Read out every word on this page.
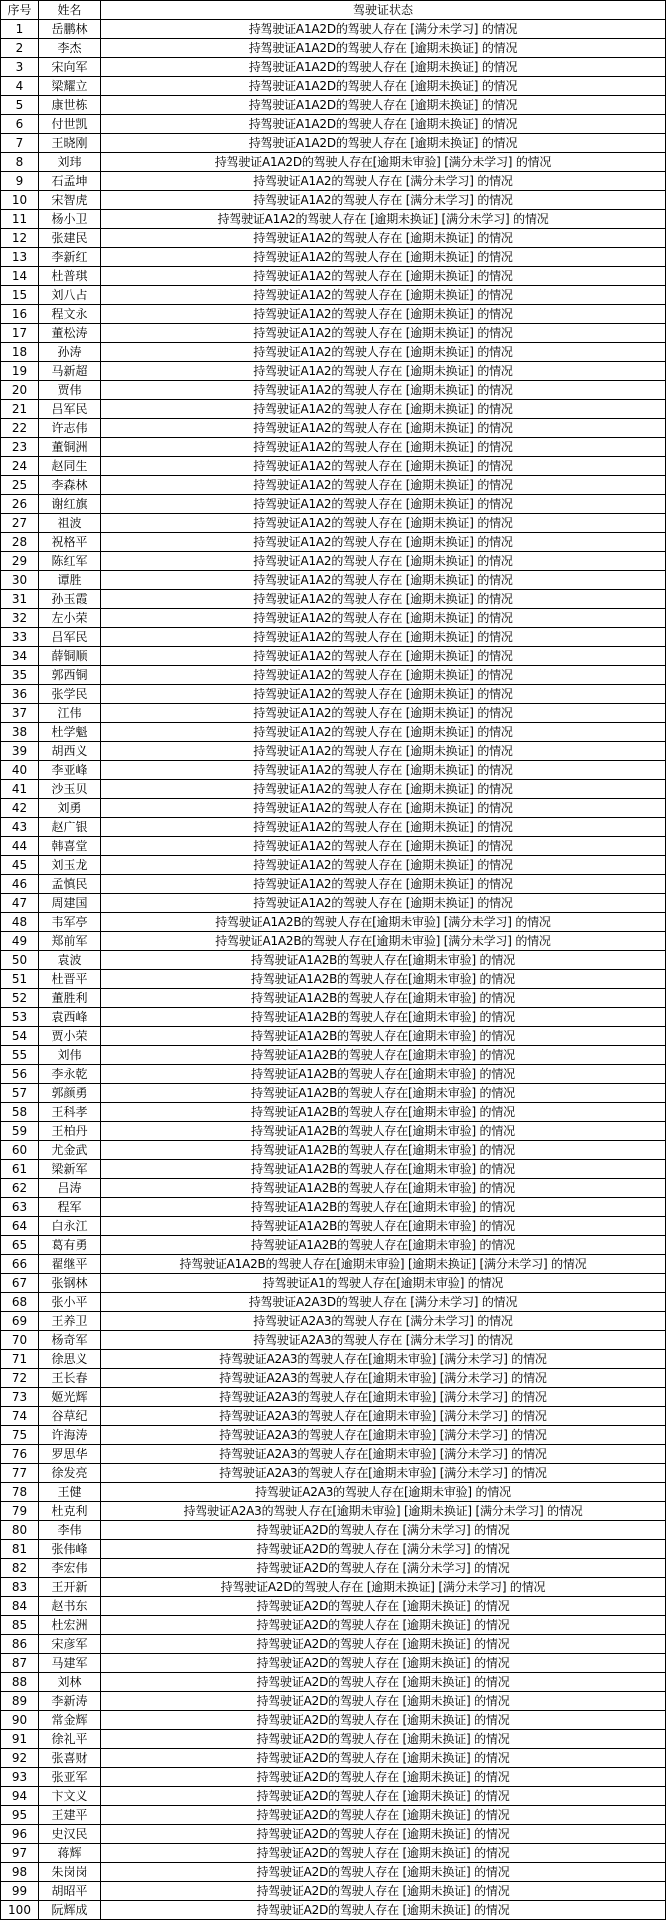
序号	姓名	驾驶证状态
1	岳鹏林	持驾驶证A1A2D的驾驶人存在 [满分未学习] 的情况
2	李杰	持驾驶证A1A2D的驾驶人存在 [逾期未换证] 的情况
3	宋向军	持驾驶证A1A2D的驾驶人存在 [逾期未换证] 的情况
4	梁耀立	持驾驶证A1A2D的驾驶人存在 [逾期未换证] 的情况
5	康世栋	持驾驶证A1A2D的驾驶人存在 [逾期未换证] 的情况
6	付世凯	持驾驶证A1A2D的驾驶人存在 [逾期未换证] 的情况
7	王晓刚	持驾驶证A1A2D的驾驶人存在 [逾期未换证] 的情况
8	刘玮	持驾驶证A1A2D的驾驶人存在[逾期未审验] [满分未学习] 的情况
9	石孟坤	持驾驶证A1A2的驾驶人存在 [满分未学习] 的情况
10	宋智虎	持驾驶证A1A2的驾驶人存在 [满分未学习] 的情况
11	杨小卫	持驾驶证A1A2的驾驶人存在 [逾期未换证] [满分未学习] 的情况
12	张建民	持驾驶证A1A2的驾驶人存在 [逾期未换证] 的情况
13	李新红	持驾驶证A1A2的驾驶人存在 [逾期未换证] 的情况
14	杜普琪	持驾驶证A1A2的驾驶人存在 [逾期未换证] 的情况
15	刘八占	持驾驶证A1A2的驾驶人存在 [逾期未换证] 的情况
16	程文永	持驾驶证A1A2的驾驶人存在 [逾期未换证] 的情况
17	董松涛	持驾驶证A1A2的驾驶人存在 [逾期未换证] 的情况
18	孙涛	持驾驶证A1A2的驾驶人存在 [逾期未换证] 的情况
19	马新超	持驾驶证A1A2的驾驶人存在 [逾期未换证] 的情况
20	贾伟	持驾驶证A1A2的驾驶人存在 [逾期未换证] 的情况
21	吕军民	持驾驶证A1A2的驾驶人存在 [逾期未换证] 的情况
22	许志伟	持驾驶证A1A2的驾驶人存在 [逾期未换证] 的情况
23	董铜洲	持驾驶证A1A2的驾驶人存在 [逾期未换证] 的情况
24	赵同生	持驾驶证A1A2的驾驶人存在 [逾期未换证] 的情况
25	李森林	持驾驶证A1A2的驾驶人存在 [逾期未换证] 的情况
26	谢红旗	持驾驶证A1A2的驾驶人存在 [逾期未换证] 的情况
27	祖波	持驾驶证A1A2的驾驶人存在 [逾期未换证] 的情况
28	祝格平	持驾驶证A1A2的驾驶人存在 [逾期未换证] 的情况
29	陈红军	持驾驶证A1A2的驾驶人存在 [逾期未换证] 的情况
30	谭胜	持驾驶证A1A2的驾驶人存在 [逾期未换证] 的情况
31	孙玉霞	持驾驶证A1A2的驾驶人存在 [逾期未换证] 的情况
32	左小荣	持驾驶证A1A2的驾驶人存在 [逾期未换证] 的情况
33	吕军民	持驾驶证A1A2的驾驶人存在 [逾期未换证] 的情况
34	薛铜顺	持驾驶证A1A2的驾驶人存在 [逾期未换证] 的情况
35	郭西铜	持驾驶证A1A2的驾驶人存在 [逾期未换证] 的情况
36	张学民	持驾驶证A1A2的驾驶人存在 [逾期未换证] 的情况
37	江伟	持驾驶证A1A2的驾驶人存在 [逾期未换证] 的情况
38	杜学魁	持驾驶证A1A2的驾驶人存在 [逾期未换证] 的情况
39	胡西义	持驾驶证A1A2的驾驶人存在 [逾期未换证] 的情况
40	李亚峰	持驾驶证A1A2的驾驶人存在 [逾期未换证] 的情况
41	沙玉贝	持驾驶证A1A2的驾驶人存在 [逾期未换证] 的情况
42	刘勇	持驾驶证A1A2的驾驶人存在 [逾期未换证] 的情况
43	赵广银	持驾驶证A1A2的驾驶人存在 [逾期未换证] 的情况
44	韩喜堂	持驾驶证A1A2的驾驶人存在 [逾期未换证] 的情况
45	刘玉龙	持驾驶证A1A2的驾驶人存在 [逾期未换证] 的情况
46	孟慎民	持驾驶证A1A2的驾驶人存在 [逾期未换证] 的情况
47	周建国	持驾驶证A1A2的驾驶人存在 [逾期未换证] 的情况
48	韦军亭	持驾驶证A1A2B的驾驶人存在[逾期未审验] [满分未学习] 的情况
49	郑前军	持驾驶证A1A2B的驾驶人存在[逾期未审验] [满分未学习] 的情况
50	袁波	持驾驶证A1A2B的驾驶人存在[逾期未审验] 的情况
51	杜晋平	持驾驶证A1A2B的驾驶人存在[逾期未审验] 的情况
52	董胜利	持驾驶证A1A2B的驾驶人存在[逾期未审验] 的情况
53	袁西峰	持驾驶证A1A2B的驾驶人存在[逾期未审验] 的情况
54	贾小荣	持驾驶证A1A2B的驾驶人存在[逾期未审验] 的情况
55	刘伟	持驾驶证A1A2B的驾驶人存在[逾期未审验] 的情况
56	李永乾	持驾驶证A1A2B的驾驶人存在[逾期未审验] 的情况
57	郭颜勇	持驾驶证A1A2B的驾驶人存在[逾期未审验] 的情况
58	王科孝	持驾驶证A1A2B的驾驶人存在[逾期未审验] 的情况
59	王柏丹	持驾驶证A1A2B的驾驶人存在[逾期未审验] 的情况
60	尤金武	持驾驶证A1A2B的驾驶人存在[逾期未审验] 的情况
61	梁新军	持驾驶证A1A2B的驾驶人存在[逾期未审验] 的情况
62	吕涛	持驾驶证A1A2B的驾驶人存在[逾期未审验] 的情况
63	程军	持驾驶证A1A2B的驾驶人存在[逾期未审验] 的情况
64	白永江	持驾驶证A1A2B的驾驶人存在[逾期未审验] 的情况
65	葛有勇	持驾驶证A1A2B的驾驶人存在[逾期未审验] 的情况
66	翟继平	持驾驶证A1A2B的驾驶人存在[逾期未审验] [逾期未换证] [满分未学习] 的情况
67	张钢林	持驾驶证A1的驾驶人存在[逾期未审验] 的情况
68	张小平	持驾驶证A2A3D的驾驶人存在 [满分未学习] 的情况
69	王养卫	持驾驶证A2A3的驾驶人存在 [满分未学习] 的情况
70	杨奇军	持驾驶证A2A3的驾驶人存在 [满分未学习] 的情况
71	徐思义	持驾驶证A2A3的驾驶人存在[逾期未审验] [满分未学习] 的情况
72	王长春	持驾驶证A2A3的驾驶人存在[逾期未审验] [满分未学习] 的情况
73	姬光辉	持驾驶证A2A3的驾驶人存在[逾期未审验] [满分未学习] 的情况
74	谷草纪	持驾驶证A2A3的驾驶人存在[逾期未审验] [满分未学习] 的情况
75	许海涛	持驾驶证A2A3的驾驶人存在[逾期未审验] [满分未学习] 的情况
76	罗思华	持驾驶证A2A3的驾驶人存在[逾期未审验] [满分未学习] 的情况
77	徐发亮	持驾驶证A2A3的驾驶人存在[逾期未审验] [满分未学习] 的情况
78	王健	持驾驶证A2A3的驾驶人存在[逾期未审验] 的情况
79	杜克利	持驾驶证A2A3的驾驶人存在[逾期未审验] [逾期未换证] [满分未学习] 的情况
80	李伟	持驾驶证A2D的驾驶人存在 [满分未学习] 的情况
81	张伟峰	持驾驶证A2D的驾驶人存在 [满分未学习] 的情况
82	李宏伟	持驾驶证A2D的驾驶人存在 [满分未学习] 的情况
83	王开新	持驾驶证A2D的驾驶人存在 [逾期未换证] [满分未学习] 的情况
84	赵书东	持驾驶证A2D的驾驶人存在 [逾期未换证] 的情况
85	杜宏洲	持驾驶证A2D的驾驶人存在 [逾期未换证] 的情况
86	宋彦军	持驾驶证A2D的驾驶人存在 [逾期未换证] 的情况
87	马建军	持驾驶证A2D的驾驶人存在 [逾期未换证] 的情况
88	刘林	持驾驶证A2D的驾驶人存在 [逾期未换证] 的情况
89	李新涛	持驾驶证A2D的驾驶人存在 [逾期未换证] 的情况
90	常金辉	持驾驶证A2D的驾驶人存在 [逾期未换证] 的情况
91	徐礼平	持驾驶证A2D的驾驶人存在 [逾期未换证] 的情况
92	张喜财	持驾驶证A2D的驾驶人存在 [逾期未换证] 的情况
93	张亚军	持驾驶证A2D的驾驶人存在 [逾期未换证] 的情况
94	卞文义	持驾驶证A2D的驾驶人存在 [逾期未换证] 的情况
95	王建平	持驾驶证A2D的驾驶人存在 [逾期未换证] 的情况
96	史汉民	持驾驶证A2D的驾驶人存在 [逾期未换证] 的情况
97	蒋辉	持驾驶证A2D的驾驶人存在 [逾期未换证] 的情况
98	朱岗岗	持驾驶证A2D的驾驶人存在 [逾期未换证] 的情况
99	胡昭平	持驾驶证A2D的驾驶人存在 [逾期未换证] 的情况
100	阮辉成	持驾驶证A2D的驾驶人存在 [逾期未换证] 的情况
